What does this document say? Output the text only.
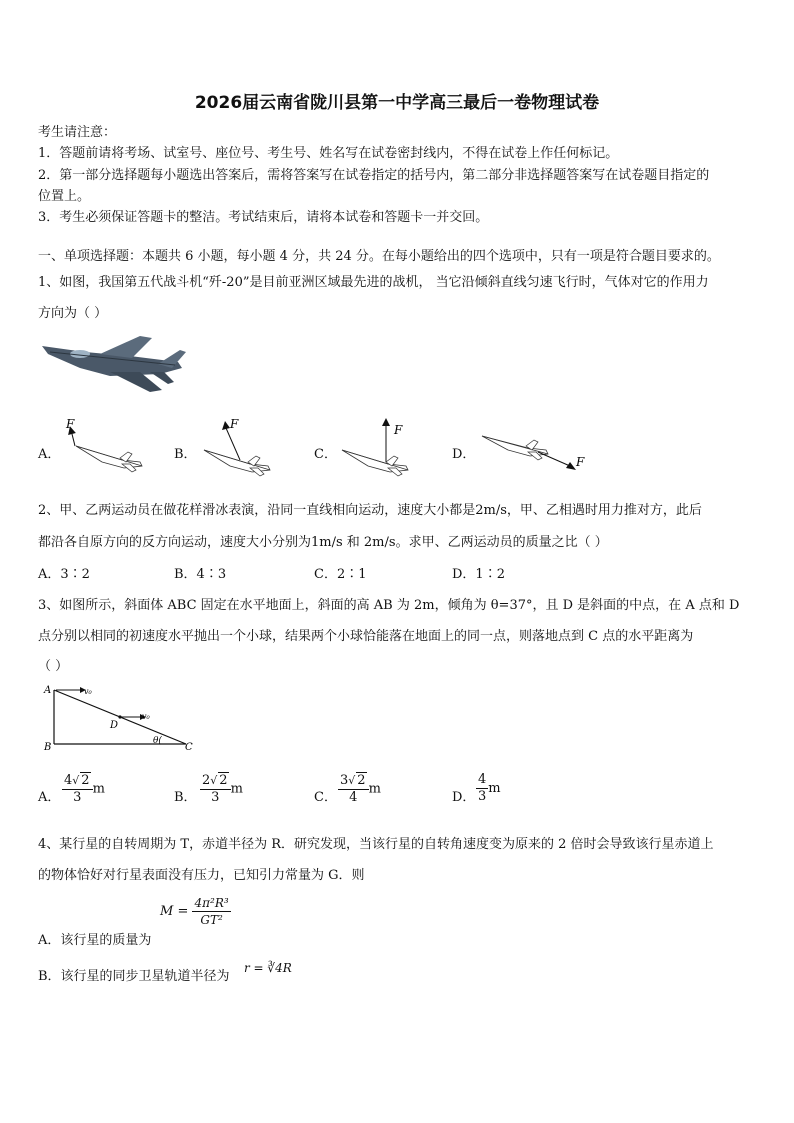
2026届云南省陇川县第一中学高三最后一卷物理试卷
考生请注意：
1．答题前请将考场、试室号、座位号、考生号、姓名写在试卷密封线内，不得在试卷上作任何标记。
2．第一部分选择题每小题选出答案后，需将答案写在试卷指定的括号内，第二部分非选择题答案写在试卷题目指定的
位置上。
3．考生必须保证答题卡的整洁。考试结束后，请将本试卷和答题卡一并交回。
一、单项选择题：本题共 6 小题，每小题 4 分，共 24 分。在每小题给出的四个选项中，只有一项是符合题目要求的。
1、如图，我国第五代战斗机“歼-20”是目前亚洲区域最先进的战机， 当它沿倾斜直线匀速飞行时，气体对它的作用力
方向为（ ）
A．
F
B．
F
C．
F
D．	F
2、甲、乙两运动员在做花样滑冰表演，沿同一直线相向运动，速度大小都是2m/s，甲、乙相遇时用力推对方，此后
都沿各自原方向的反方向运动，速度大小分别为1m/s 和 2m/s。求甲、乙两运动员的质量之比（ ）
A．3∶2	B．4∶3	C．2∶1	D．1∶2
3、如图所示，斜面体 ABC 固定在水平地面上，斜面的高 AB 为 2m，倾角为 θ=37°，且 D 是斜面的中点，在 A 点和 D
点分别以相同的初速度水平抛出一个小球，结果两个小球恰能落在地面上的同一点，则落地点到 C 点的水平距离为
（ ）
A
B	C
D
θ(
v₀
v₀
A． $\frac{4√ 2}{3}$ m
B． $\frac{2√ 2}{3}$ m
C． $\frac{3√ 2}{4}$ m
D． $\frac{4}{3}$ m
4、某行星的自转周期为 T，赤道半径为 R．研究发现，当该行星的自转角速度变为原来的 2 倍时会导致该行星赤道上
的物体恰好对行星表面没有压力，已知引力常量为 G．则
A．该行星的质量为
$M = \frac{\text{4π²R³}}{\text{GT²}}$
B．该行星的同步卫星轨道半径为
r = ∛4R
